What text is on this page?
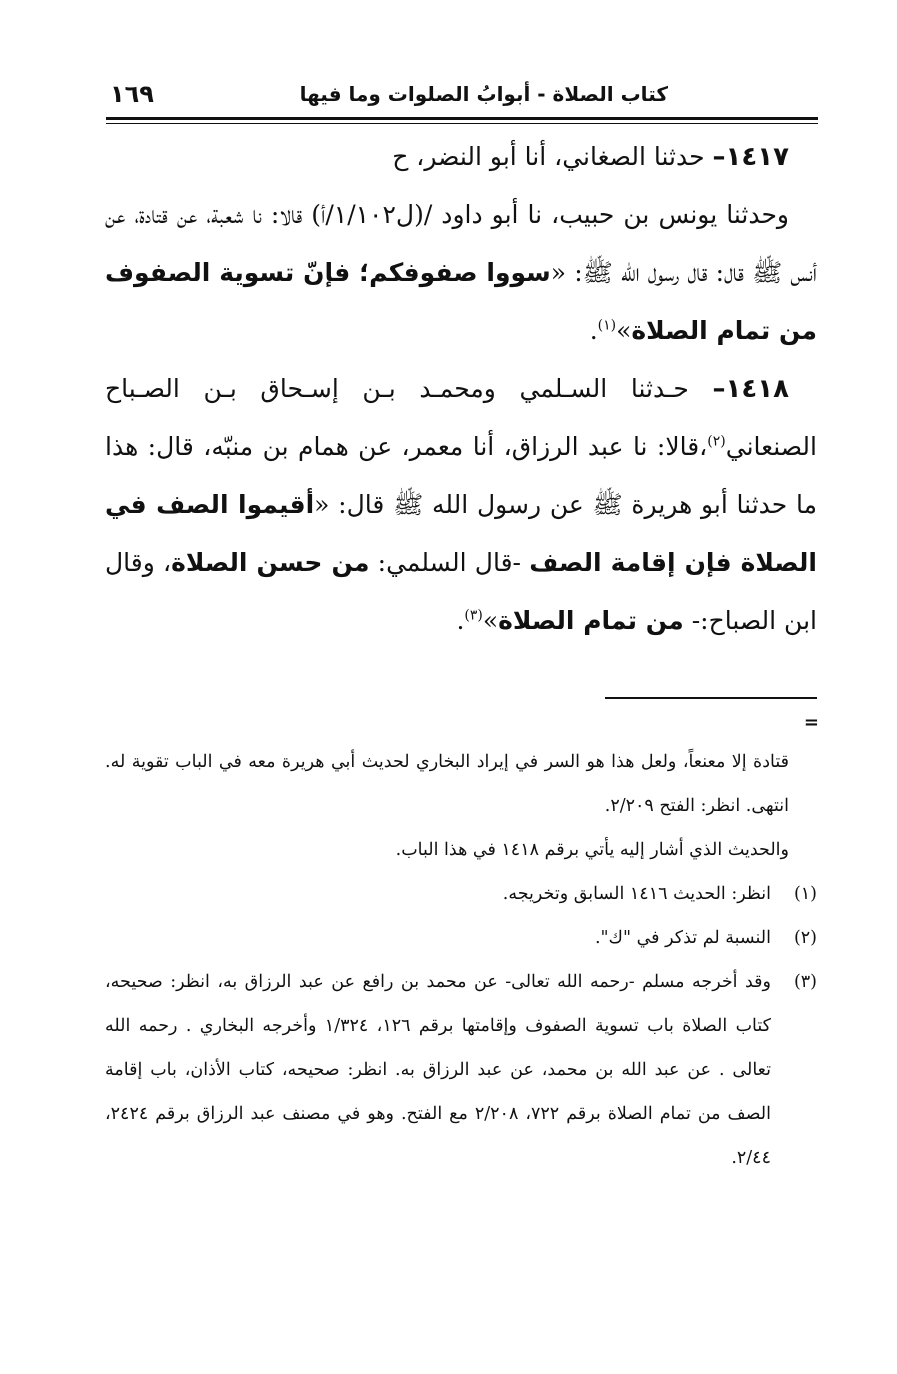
كتاب الصلاة - أبوابُ الصلوات وما فيها
١٦٩

١٤١٧– حدثنا الصغاني، أنا أبو النضر، ح

وحدثنا يونس بن حبيب، نا أبو داود /(ل١/١٠٢/أ) قالا: نا شعبة، عن قتادة، عن أنس ﷺ قال: قال رسول الله ﷺ: «سووا صفوفكم؛ فإنّ تسوية الصفوف من تمام الصلاة»$^{(١)}$.

١٤١٨– حـدثنا السـلمي ومحمـد بـن إسـحاق بـن الصـباح الصنعاني$^{(٢)}$،قالا: نا عبد الرزاق، أنا معمر، عن همام بن منبّه، قال: هذا ما حدثنا أبو هريرة ﷺ عن رسول الله ﷺ قال: «أقيموا الصف في الصلاة فإن إقامة الصف -قال السلمي: من حسن الصلاة، وقال ابن الصباح:- من تمام الصلاة»$^{(٣)}$.

=

قتادة إلا معنعاً، ولعل هذا هو السر في إيراد البخاري لحديث أبي هريرة معه في الباب تقوية له. انتهى. انظر: الفتح ٢/٢٠٩.

والحديث الذي أشار إليه يأتي برقم ١٤١٨ في هذا الباب.

(١)
انظر: الحديث ١٤١٦ السابق وتخريجه.
(٢)
النسبة لم تذكر في "ك".
(٣)
وقد أخرجه مسلم -رحمه الله تعالى- عن محمد بن رافع عن عبد الرزاق به، انظر: صحيحه، كتاب الصلاة باب تسوية الصفوف وإقامتها برقم ١٢٦، ١/٣٢٤ وأخرجه البخاري . رحمه الله تعالى . عن عبد الله بن محمد، عن عبد الرزاق به. انظر: صحيحه، كتاب الأذان، باب إقامة الصف من تمام الصلاة برقم ٧٢٢، ٢/٢٠٨ مع الفتح. وهو في مصنف عبد الرزاق برقم ٢٤٢٤، ٢/٤٤.
